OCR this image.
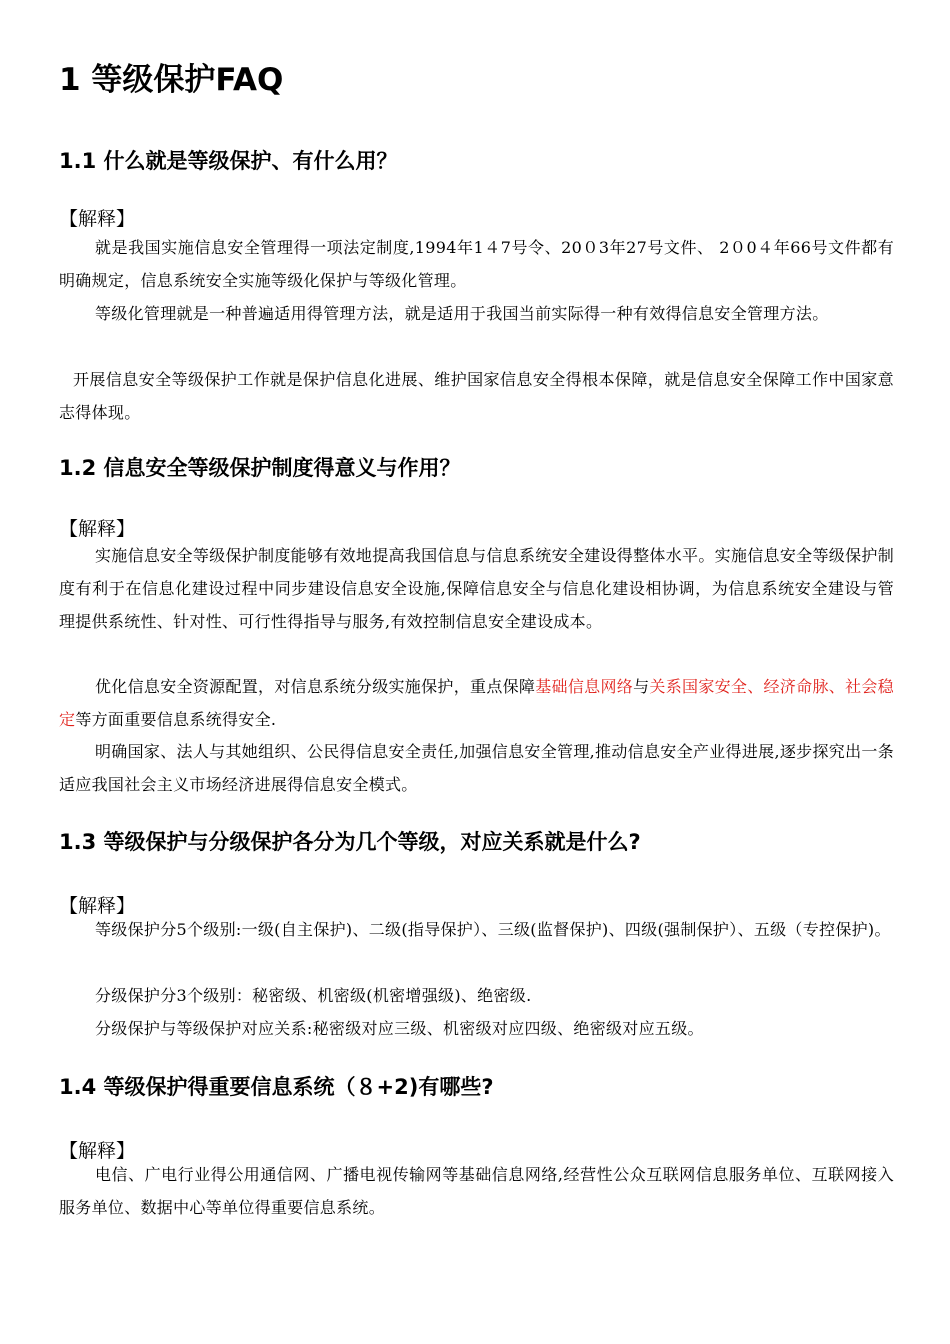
1 等级保护FAQ
1.1 什么就是等级保护、有什么用？
【解释】
就是我国实施信息安全管理得一项法定制度,1994年1４7号令、20０3年27号文件、 2０0４年66号文件都有明确规定，信息系统安全实施等级化保护与等级化管理。
等级化管理就是一种普遍适用得管理方法，就是适用于我国当前实际得一种有效得信息安全管理方法。
开展信息安全等级保护工作就是保护信息化进展、维护国家信息安全得根本保障，就是信息安全保障工作中国家意志得体现。
1.2 信息安全等级保护制度得意义与作用？
【解释】
实施信息安全等级保护制度能够有效地提高我国信息与信息系统安全建设得整体水平。实施信息安全等级保护制度有利于在信息化建设过程中同步建设信息安全设施,保障信息安全与信息化建设相协调，为信息系统安全建设与管理提供系统性、针对性、可行性得指导与服务,有效控制信息安全建设成本。
优化信息安全资源配置，对信息系统分级实施保护，重点保障基础信息网络与关系国家安全、经济命脉、社会稳定等方面重要信息系统得安全.
明确国家、法人与其她组织、公民得信息安全责任,加强信息安全管理,推动信息安全产业得进展,逐步探究出一条适应我国社会主义市场经济进展得信息安全模式。
1.3 等级保护与分级保护各分为几个等级，对应关系就是什么?
【解释】
等级保护分5个级别:一级(自主保护)、二级(指导保护）、三级(监督保护)、四级(强制保护）、五级（专控保护)。
分级保护分3个级别：秘密级、机密级(机密增强级)、绝密级.
分级保护与等级保护对应关系:秘密级对应三级、机密级对应四级、绝密级对应五级。
1.4 等级保护得重要信息系统（８+2)有哪些?
【解释】
电信、广电行业得公用通信网、广播电视传输网等基础信息网络,经营性公众互联网信息服务单位、互联网接入服务单位、数据中心等单位得重要信息系统。
